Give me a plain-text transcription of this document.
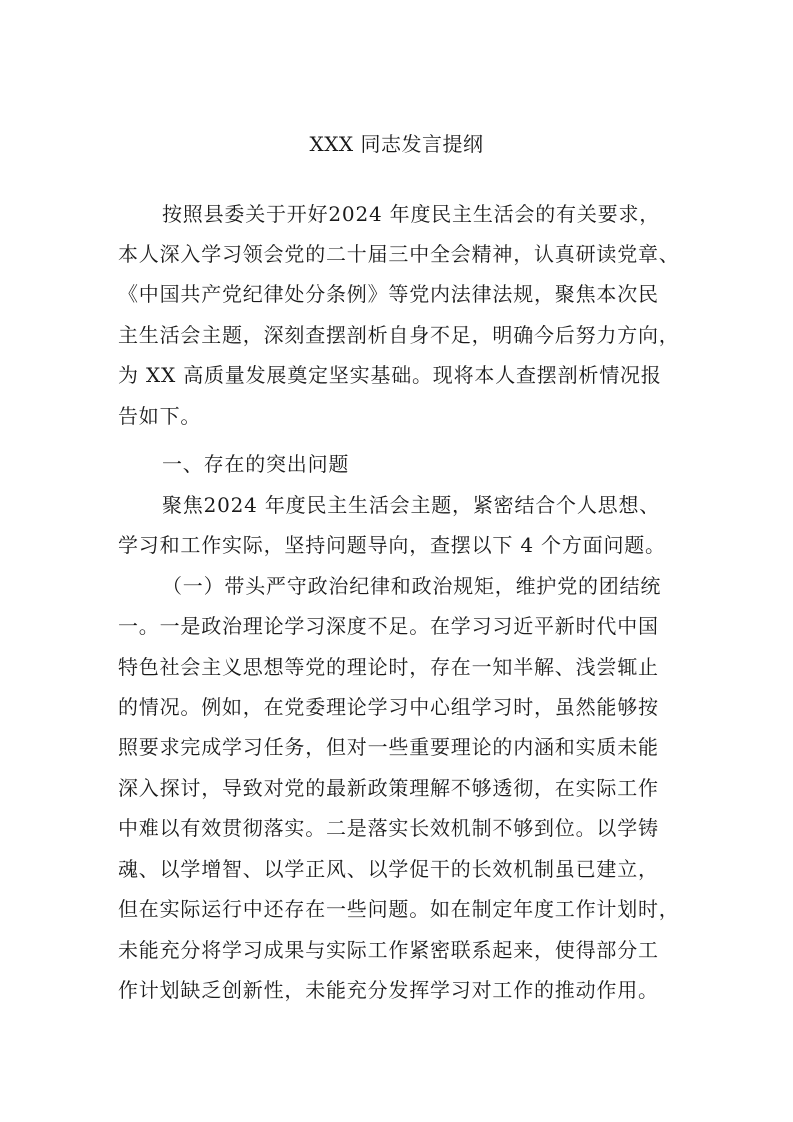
XXX 同志发言提纲
按照县委关于开好2024 年度民主生活会的有关要求，
本人深入学习领会党的二十届三中全会精神，认真研读党章、
《中国共产党纪律处分条例》等党内法律法规，聚焦本次民
主生活会主题，深刻查摆剖析自身不足，明确今后努力方向，
为 XX 高质量发展奠定坚实基础。现将本人查摆剖析情况报
告如下。
一、存在的突出问题
聚焦2024 年度民主生活会主题，紧密结合个人思想、
学习和工作实际，坚持问题导向，查摆以下 4 个方面问题。
（一）带头严守政治纪律和政治规矩，维护党的团结统
一。一是政治理论学习深度不足。在学习习近平新时代中国
特色社会主义思想等党的理论时，存在一知半解、浅尝辄止
的情况。例如，在党委理论学习中心组学习时，虽然能够按
照要求完成学习任务，但对一些重要理论的内涵和实质未能
深入探讨，导致对党的最新政策理解不够透彻，在实际工作
中难以有效贯彻落实。二是落实长效机制不够到位。以学铸
魂、以学增智、以学正风、以学促干的长效机制虽已建立，
但在实际运行中还存在一些问题。如在制定年度工作计划时，
未能充分将学习成果与实际工作紧密联系起来，使得部分工
作计划缺乏创新性，未能充分发挥学习对工作的推动作用。
